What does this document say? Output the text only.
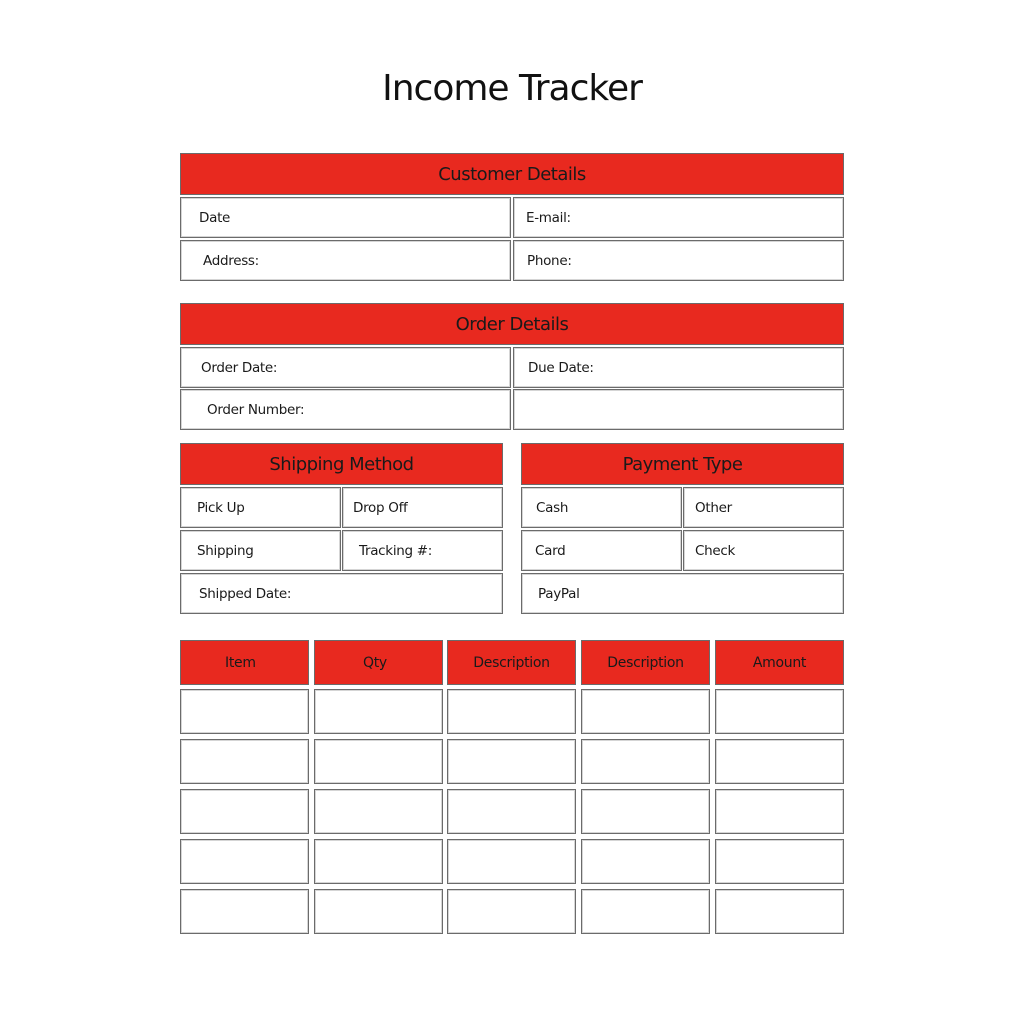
Income Tracker
Customer Details
Date	E-mail:
Address:	Phone:
Order Details
Order Date:	Due Date:
Order Number:
Shipping Method
Pick Up	Drop Off
Shipping	Tracking #:
Shipped Date:
Payment Type
Cash	Other
Card	Check
PayPal
Item	Qty	Description	Description	Amount
